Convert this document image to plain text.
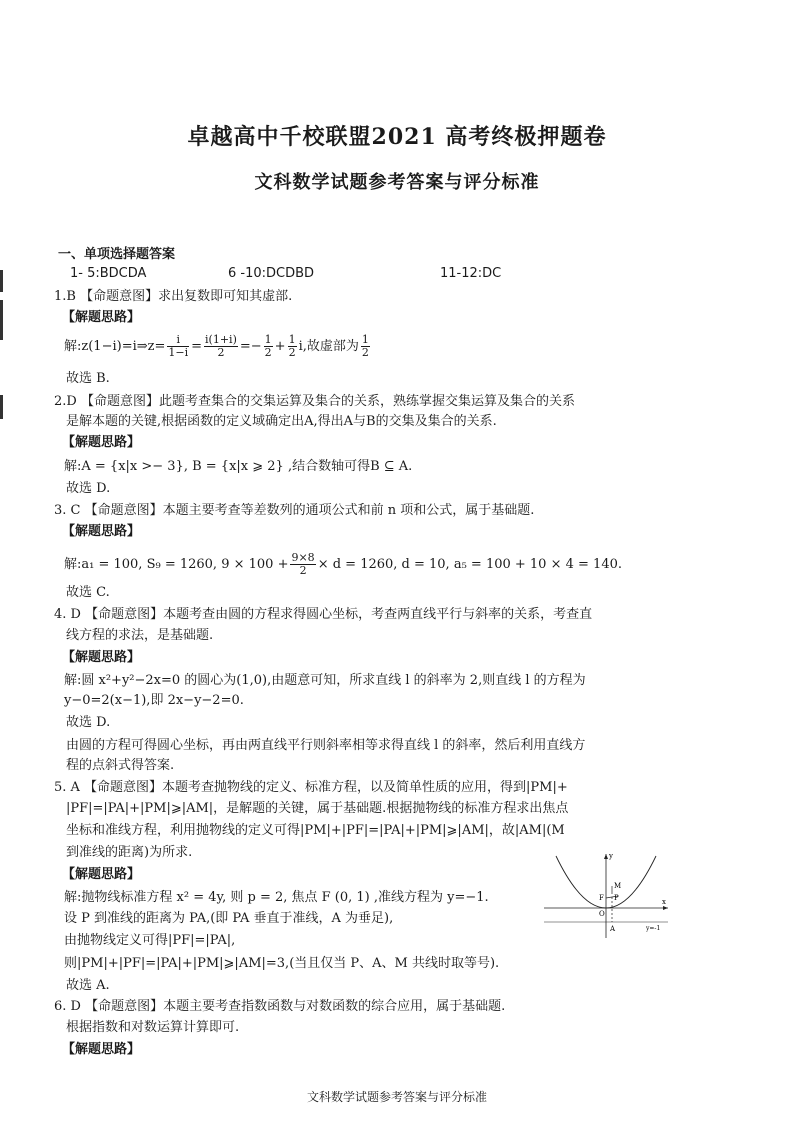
卓越高中千校联盟2021 高考终极押题卷
文科数学试题参考答案与评分标准
一、单项选择题答案
1- 5:BDCDA	6 -10:DCDBD	11-12:DC
1.B 【命题意图】求出复数即可知其虚部.
【解题思路】
解:z(1−i)=i⇒z= $\frac{i}{1-i} = \frac{i(1+i)}{2} =- \frac{1}{2} + \frac{1}{2} i$,故虚部为 $\frac{1}{2}$
故选 B.
2.D 【命题意图】此题考查集合的交集运算及集合的关系，熟练掌握交集运算及集合的关系
是解本题的关键,根据函数的定义域确定出A,得出A与B的交集及集合的关系.
【解题思路】
解:A = {x|x >− 3}, B = {x|x ⩾ 2} ,结合数轴可得B ⊆ A.
故选 D.
3. C 【命题意图】本题主要考查等差数列的通项公式和前 n 项和公式，属于基础题.
【解题思路】
解:a₁ = 100, S₉ = 1260, $9 \times 100 + \frac{9\times 8}{2} \times d = 1260$, d = 10, a₅ = 100 + 10 × 4 = 140.
故选 C.
4. D 【命题意图】本题考查由圆的方程求得圆心坐标，考查两直线平行与斜率的关系，考查直
线方程的求法，是基础题.
【解题思路】
解:圆 x²+y²−2x=0 的圆心为(1,0),由题意可知，所求直线 l 的斜率为 2,则直线 l 的方程为
y−0=2(x−1),即 2x−y−2=0.
故选 D.
由圆的方程可得圆心坐标，再由两直线平行则斜率相等求得直线 l 的斜率，然后利用直线方
程的点斜式得答案.
5. A 【命题意图】本题考查抛物线的定义、标准方程，以及简单性质的应用，得到|PM|+
|PF|=|PA|+|PM|⩾|AM|，是解题的关键，属于基础题.根据抛物线的标准方程求出焦点
坐标和准线方程，利用抛物线的定义可得|PM|+|PF|=|PA|+|PM|⩾|AM|，故|AM|(M
到准线的距离)为所求.
【解题思路】
解:抛物线标准方程 x² = 4y, 则 p = 2, 焦点 F (0, 1) ,准线方程为 y=−1.
设 P 到准线的距离为 PA,(即 PA 垂直于准线，A 为垂足),
由抛物线定义可得|PF|=|PA|,
则|PM|+|PF|=|PA|+|PM|⩾|AM|=3,(当且仅当 P、A、M 共线时取等号).
故选 A.
y
x
O
F
M
P
A	y=-1
6. D 【命题意图】本题主要考查指数函数与对数函数的综合应用，属于基础题.
根据指数和对数运算计算即可.
【解题思路】
文科数学试题参考答案与评分标准
